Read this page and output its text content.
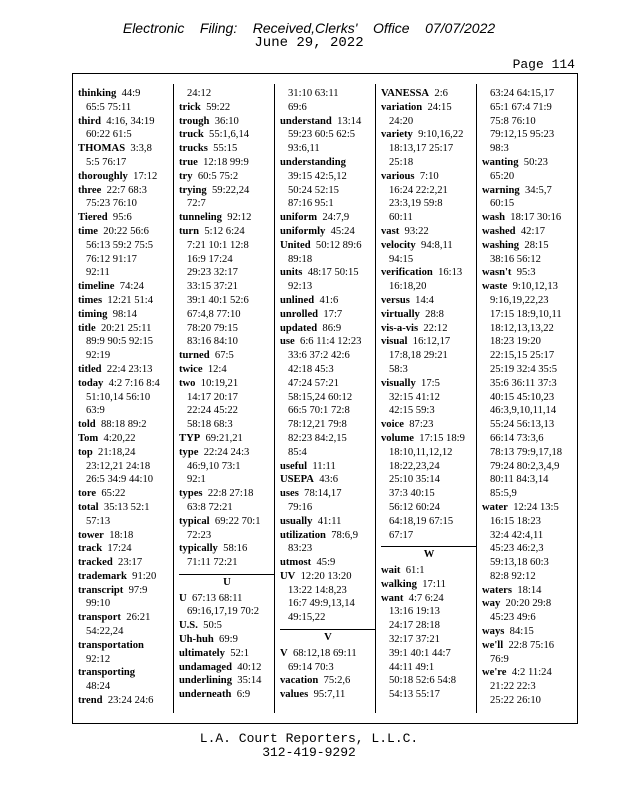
Electronic    Filing:    Received,Clerks'    Office    07/07/2022
June 29, 2022
Page 114
thinking  44:9
65:5 75:11
third  4:16, 34:19
60:22 61:5
THOMAS  3:3,8
5:5 76:17
thoroughly  17:12
three  22:7 68:3
75:23 76:10
Tiered  95:6
time  20:22 56:6
56:13 59:2 75:5
76:12 91:17
92:11
timeline  74:24
times  12:21 51:4
timing  98:14
title  20:21 25:11
89:9 90:5 92:15
92:19
titled  22:4 23:13
today  4:2 7:16 8:4
51:10,14 56:10
63:9
told  88:18 89:2
Tom  4:20,22
top  21:18,24
23:12,21 24:18
26:5 34:9 44:10
tore  65:22
total  35:13 52:1
57:13
tower  18:18
track  17:24
tracked  23:17
trademark  91:20
transcript  97:9
99:10
transport  26:21
54:22,24
transportation
92:12
transporting
48:24
trend  23:24 24:6
24:12
trick  59:22
trough  36:10
truck  55:1,6,14
trucks  55:15
true  12:18 99:9
try  60:5 75:2
trying  59:22,24
72:7
tunneling  92:12
turn  5:12 6:24
7:21 10:1 12:8
16:9 17:24
29:23 32:17
33:15 37:21
39:1 40:1 52:6
67:4,8 77:10
78:20 79:15
83:16 84:10
turned  67:5
twice  12:4
two  10:19,21
14:17 20:17
22:24 45:22
58:18 68:3
TYP  69:21,21
type  22:24 24:3
46:9,10 73:1
92:1
types  22:8 27:18
63:8 72:21
typical  69:22 70:1
72:23
typically  58:16
71:11 72:21
U
U  67:13 68:11
69:16,17,19 70:2
U.S.  50:5
Uh-huh  69:9
ultimately  52:1
undamaged  40:12
underlining  35:14
underneath  6:9
31:10 63:11
69:6
understand  13:14
59:23 60:5 62:5
93:6,11
understanding
39:15 42:5,12
50:24 52:15
87:16 95:1
uniform  24:7,9
uniformly  45:24
United  50:12 89:6
89:18
units  48:17 50:15
92:13
unlined  41:6
unrolled  17:7
updated  86:9
use  6:6 11:4 12:23
33:6 37:2 42:6
42:18 45:3
47:24 57:21
58:15,24 60:12
66:5 70:1 72:8
78:12,21 79:8
82:23 84:2,15
85:4
useful  11:11
USEPA  43:6
uses  78:14,17
79:16
usually  41:11
utilization  78:6,9
83:23
utmost  45:9
UV  12:20 13:20
13:22 14:8,23
16:7 49:9,13,14
49:15,22
V
V  68:12,18 69:11
69:14 70:3
vacation  75:2,6
values  95:7,11
VANESSA  2:6
variation  24:15
24:20
variety  9:10,16,22
18:13,17 25:17
25:18
various  7:10
16:24 22:2,21
23:3,19 59:8
60:11
vast  93:22
velocity  94:8,11
94:15
verification  16:13
16:18,20
versus  14:4
virtually  28:8
vis-a-vis  22:12
visual  16:12,17
17:8,18 29:21
58:3
visually  17:5
32:15 41:12
42:15 59:3
voice  87:23
volume  17:15 18:9
18:10,11,12,12
18:22,23,24
25:10 35:14
37:3 40:15
56:12 60:24
64:18,19 67:15
67:17
W
wait  61:1
walking  17:11
want  4:7 6:24
13:16 19:13
24:17 28:18
32:17 37:21
39:1 40:1 44:7
44:11 49:1
50:18 52:6 54:8
54:13 55:17
63:24 64:15,17
65:1 67:4 71:9
75:8 76:10
79:12,15 95:23
98:3
wanting  50:23
65:20
warning  34:5,7
60:15
wash  18:17 30:16
washed  42:17
washing  28:15
38:16 56:12
wasn't  95:3
waste  9:10,12,13
9:16,19,22,23
17:15 18:9,10,11
18:12,13,13,22
18:23 19:20
22:15,15 25:17
25:19 32:4 35:5
35:6 36:11 37:3
40:15 45:10,23
46:3,9,10,11,14
55:24 56:13,13
66:14 73:3,6
78:13 79:9,17,18
79:24 80:2,3,4,9
80:11 84:3,14
85:5,9
water  12:24 13:5
16:15 18:23
32:4 42:4,11
45:23 46:2,3
59:13,18 60:3
82:8 92:12
waters  18:14
way  20:20 29:8
45:23 49:6
ways  84:15
we'll  22:8 75:16
76:9
we're  4:2 11:24
21:22 22:3
25:22 26:10
L.A. Court Reporters, L.L.C.
312-419-9292
